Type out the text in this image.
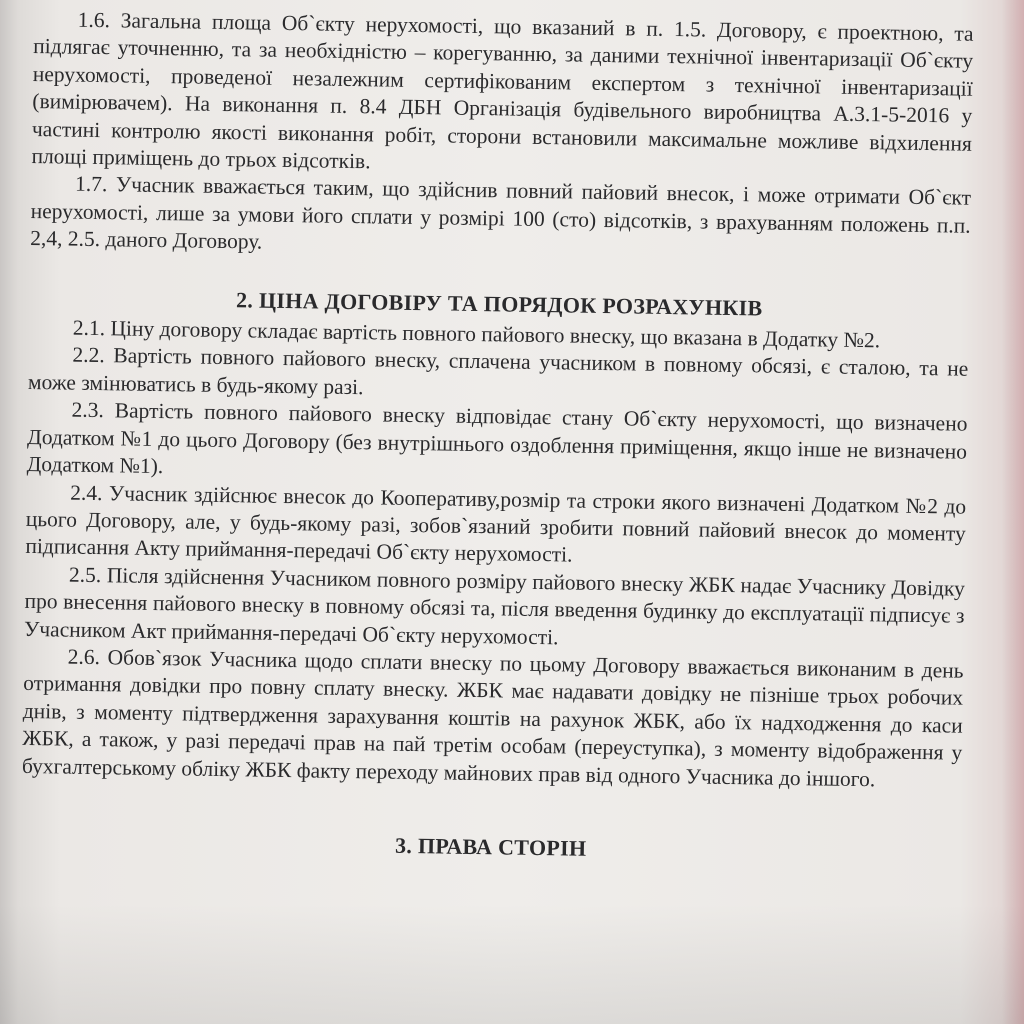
1.6. Загальна площа Об`єкту нерухомості, що вказаний в п. 1.5. Договору, є проектною, та підлягає уточненню, та за необхідністю – корегуванню, за даними технічної інвентаризації Об`єкту нерухомості, проведеної незалежним сертифікованим експертом з технічної інвентаризації (вимірювачем). На виконання п. 8.4 ДБН Організація будівельного виробництва А.3.1-5-2016 у частині контролю якості виконання робіт, сторони встановили максимальне можливе відхилення площі приміщень до трьох відсотків.

1.7. Учасник вважається таким, що здійснив повний пайовий внесок, і може отримати Об`єкт нерухомості, лише за умови його сплати у розмірі 100 (сто) відсотків, з врахуванням положень п.п. 2,4, 2.5. даного Договору.

2. ЦІНА ДОГОВІРУ ТА ПОРЯДОК РОЗРАХУНКІВ

2.1. Ціну договору складає вартість повного пайового внеску, що вказана в Додатку №2.

2.2. Вартість повного пайового внеску, сплачена учасником в повному обсязі, є сталою, та не може змінюватись в будь-якому разі.

2.3. Вартість повного пайового внеску відповідає стану Об`єкту нерухомості, що визначено Додатком №1 до цього Договору (без внутрішнього оздоблення приміщення, якщо інше не визначено Додатком №1).

2.4. Учасник здійснює внесок до Кооперативу,розмір та строки якого визначені Додатком №2 до цього Договору, але, у будь-якому разі, зобов`язаний зробити повний пайовий внесок до моменту підписання Акту приймання-передачі Об`єкту нерухомості.

2.5. Після здійснення Учасником повного розміру пайового внеску ЖБК надає Учаснику Довідку про внесення пайового внеску в повному обсязі та, після введення будинку до експлуатації підписує з Учасником Акт приймання-передачі Об`єкту нерухомості.

2.6. Обов`язок Учасника щодо сплати внеску по цьому Договору вважається виконаним в день отримання довідки про повну сплату внеску. ЖБК має надавати довідку не пізніше трьох робочих днів, з моменту підтвердження зарахування коштів на рахунок ЖБК, або їх надходження до каси ЖБК, а також, у разі передачі прав на пай третім особам (переуступка), з моменту відображення у бухгалтерському обліку ЖБК факту переходу майнових прав від одного Учасника до іншого.

3. ПРАВА СТОРІН
